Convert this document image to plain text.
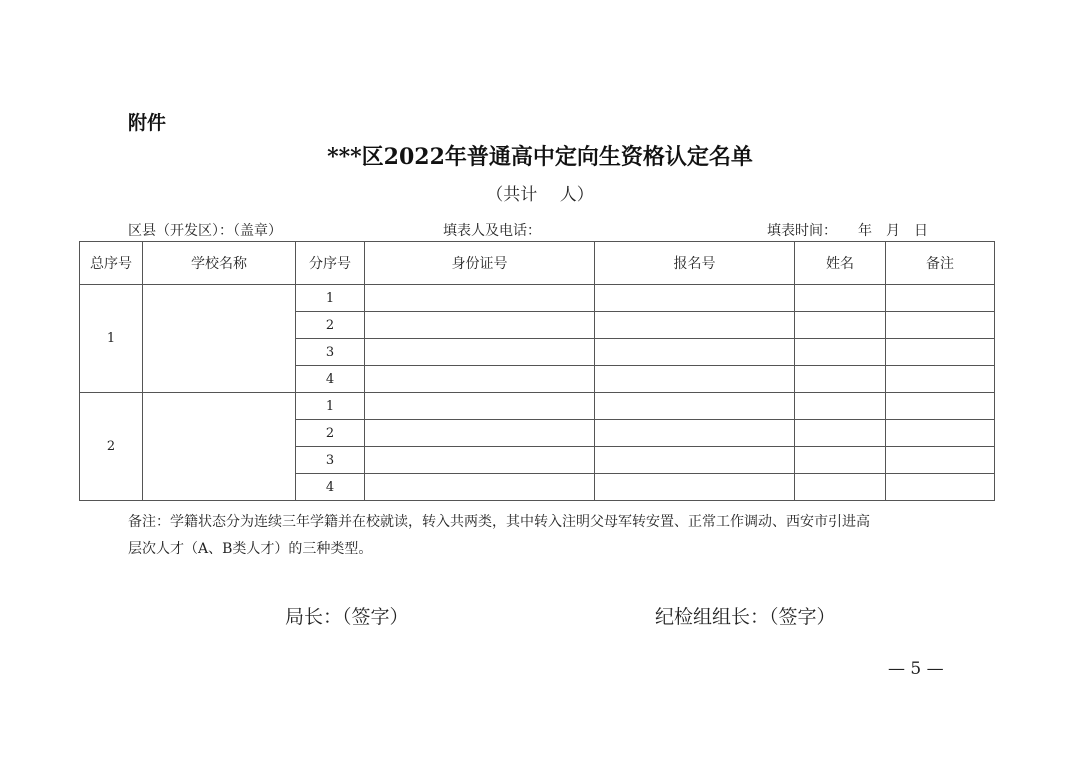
附件
***区2022年普通高中定向生资格认定名单
（共计　 人）
区县（开发区）：（盖章）	填表人及电话：	填表时间：　　年　月　日
总序号	学校名称	分序号	身份证号	报名号	姓名	备注
1		1				
		2				
		3				
		4				
2		1				
		2				
		3				
		4				
备注：学籍状态分为连续三年学籍并在校就读，转入共两类，其中转入注明父母军转安置、正常工作调动、西安市引进高
层次人才（A、B类人才）的三种类型。
局长：（签字）	纪检组组长：（签字）
— 5 —
